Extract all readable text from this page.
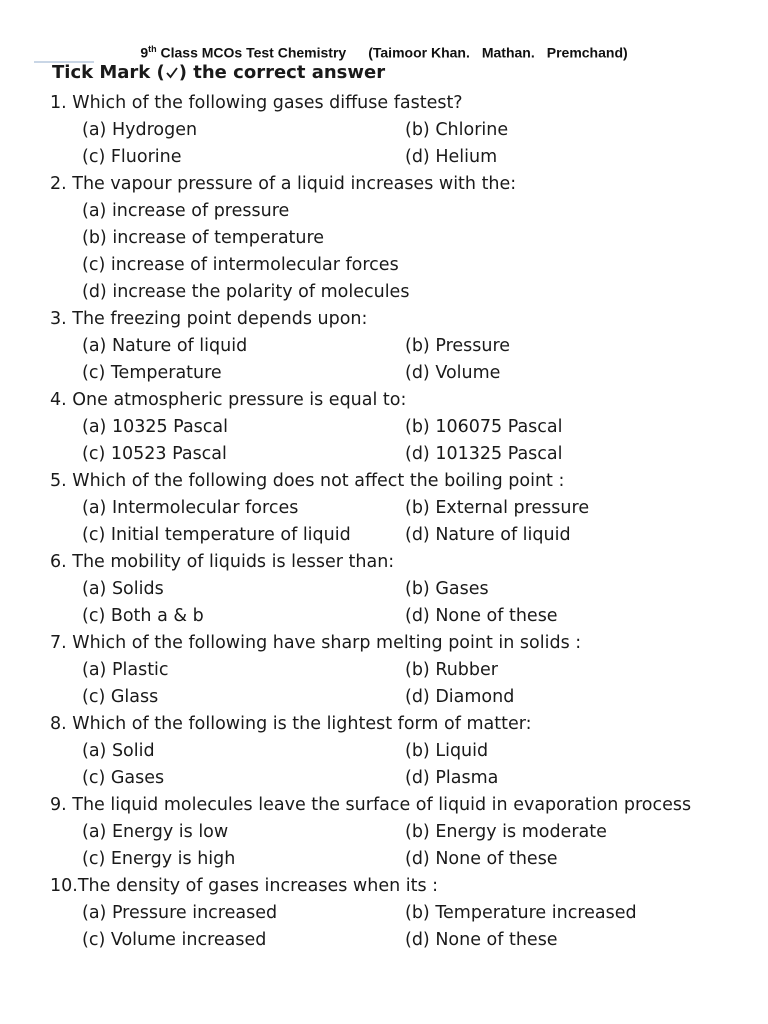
9th Class MCOs Test Chemistry (Taimoor Khan. Mathan. Premchand)
Tick Mark ( ) the correct answer
1. Which of the following gases diffuse fastest?
(a) Hydrogen	(b) Chlorine
(c) Fluorine	(d) Helium
2. The vapour pressure of a liquid increases with the:
(a) increase of pressure
(b) increase of temperature
(c) increase of intermolecular forces
(d) increase the polarity of molecules
3. The freezing point depends upon:
(a) Nature of liquid	(b) Pressure
(c) Temperature	(d) Volume
4. One atmospheric pressure is equal to:
(a) 10325 Pascal	(b) 106075 Pascal
(c) 10523 Pascal	(d) 101325 Pascal
5. Which of the following does not affect the boiling point :
(a) Intermolecular forces	(b) External pressure
(c) Initial temperature of liquid	(d) Nature of liquid
6. The mobility of liquids is lesser than:
(a) Solids	(b) Gases
(c) Both a & b	(d) None of these
7. Which of the following have sharp melting point in solids :
(a) Plastic	(b) Rubber
(c) Glass	(d) Diamond
8. Which of the following is the lightest form of matter:
(a) Solid	(b) Liquid
(c) Gases	(d) Plasma
9. The liquid molecules leave the surface of liquid in evaporation process
(a) Energy is low	(b) Energy is moderate
(c) Energy is high	(d) None of these
10.The density of gases increases when its :
(a) Pressure increased	(b) Temperature increased
(c) Volume increased	(d) None of these
